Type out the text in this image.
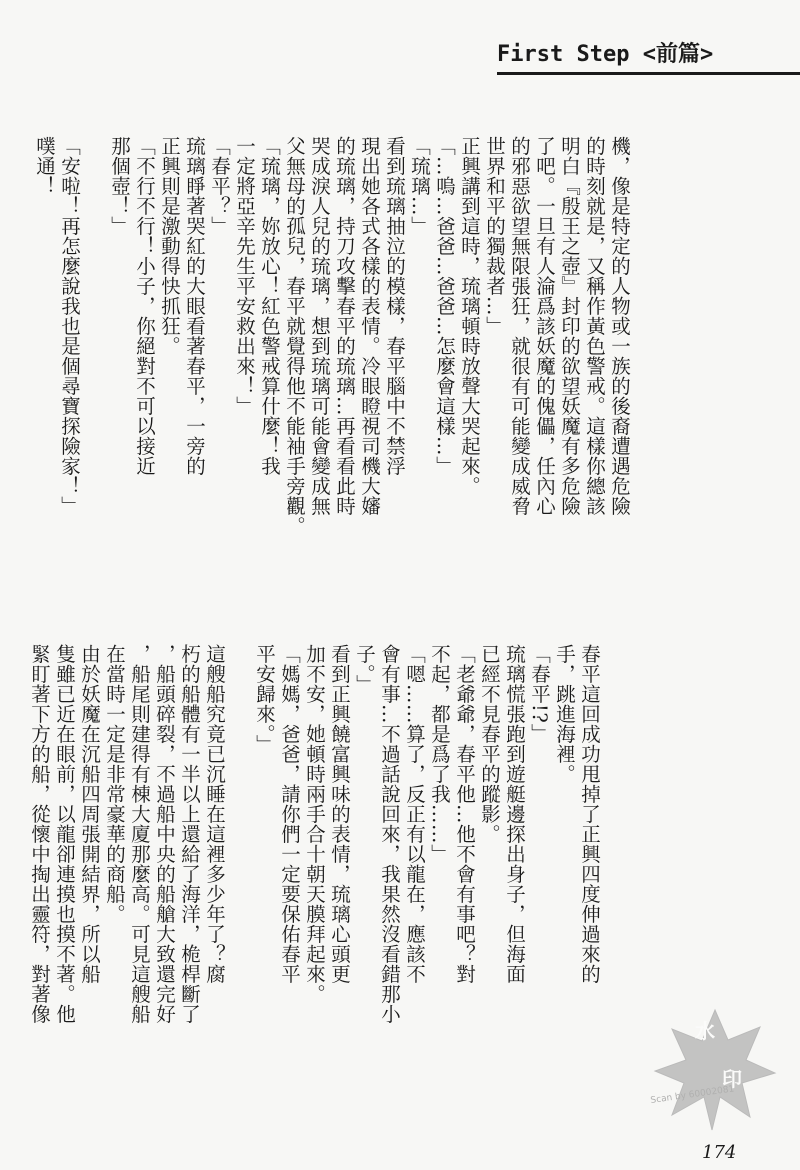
First Step <前篇>
機，像是特定的人物或一族的後裔遭遇危險
的時刻就是，又稱作黃色警戒。這樣你總該
明白『殷王之壺』封印的欲望妖魔有多危險
了吧。一旦有人淪爲該妖魔的傀儡，任內心
的邪惡欲望無限張狂，就很有可能變成威脅
世界和平的獨裁者…」
正興講到這時，琉璃頓時放聲大哭起來。
「…嗚…爸爸…爸爸…怎麼會這樣…」
「琉璃…」
看到琉璃抽泣的模樣，春平腦中不禁浮
現出她各式各樣的表情。冷眼瞪視司機大嬸
的琉璃，持刀攻擊春平的琉璃…再看看此時
哭成淚人兒的琉璃，想到琉璃可能會變成無
父無母的孤兒，春平就覺得他不能袖手旁觀。
「琉璃，妳放心！紅色警戒算什麼！我
一定將亞辛先生平安救出來！」
「春平？」
琉璃睜著哭紅的大眼看著春平，一旁的
正興則是激動得快抓狂。
「不行不行！小子，你絕對不可以接近
那個壺！」

「安啦！再怎麼說我也是個尋寶探險家！」
噗通！
春平這回成功甩掉了正興四度伸過來的
手，跳進海裡。
「春平!?」
琉璃慌張跑到遊艇邊探出身子，但海面
已經不見春平的蹤影。
「老爺爺，春平他…他不會有事吧？對
不起，都是爲了我……」
「嗯……算了，反正有以龍在，應該不
會有事…不過話說回來，我果然沒看錯那小
子。」
看到正興饒富興味的表情，琉璃心頭更
加不安，她頓時兩手合十朝天膜拜起來。
「媽媽，爸爸，請你們一定要保佑春平
平安歸來。」

這艘船究竟已沉睡在這裡多少年了？腐
朽的船體有一半以上還給了海洋，桅桿斷了
，船頭碎裂，不過船中央的船艙大致還完好
，船尾則建得有棟大廈那麼高。可見這艘船
在當時一定是非常豪華的商船。
由於妖魔在沉船四周張開結界，所以船
隻雖已近在眼前，以龍卻連摸也摸不著。他
緊盯著下方的船，從懷中掏出靈符，對著像
174
水
印
Scan by 60002081
